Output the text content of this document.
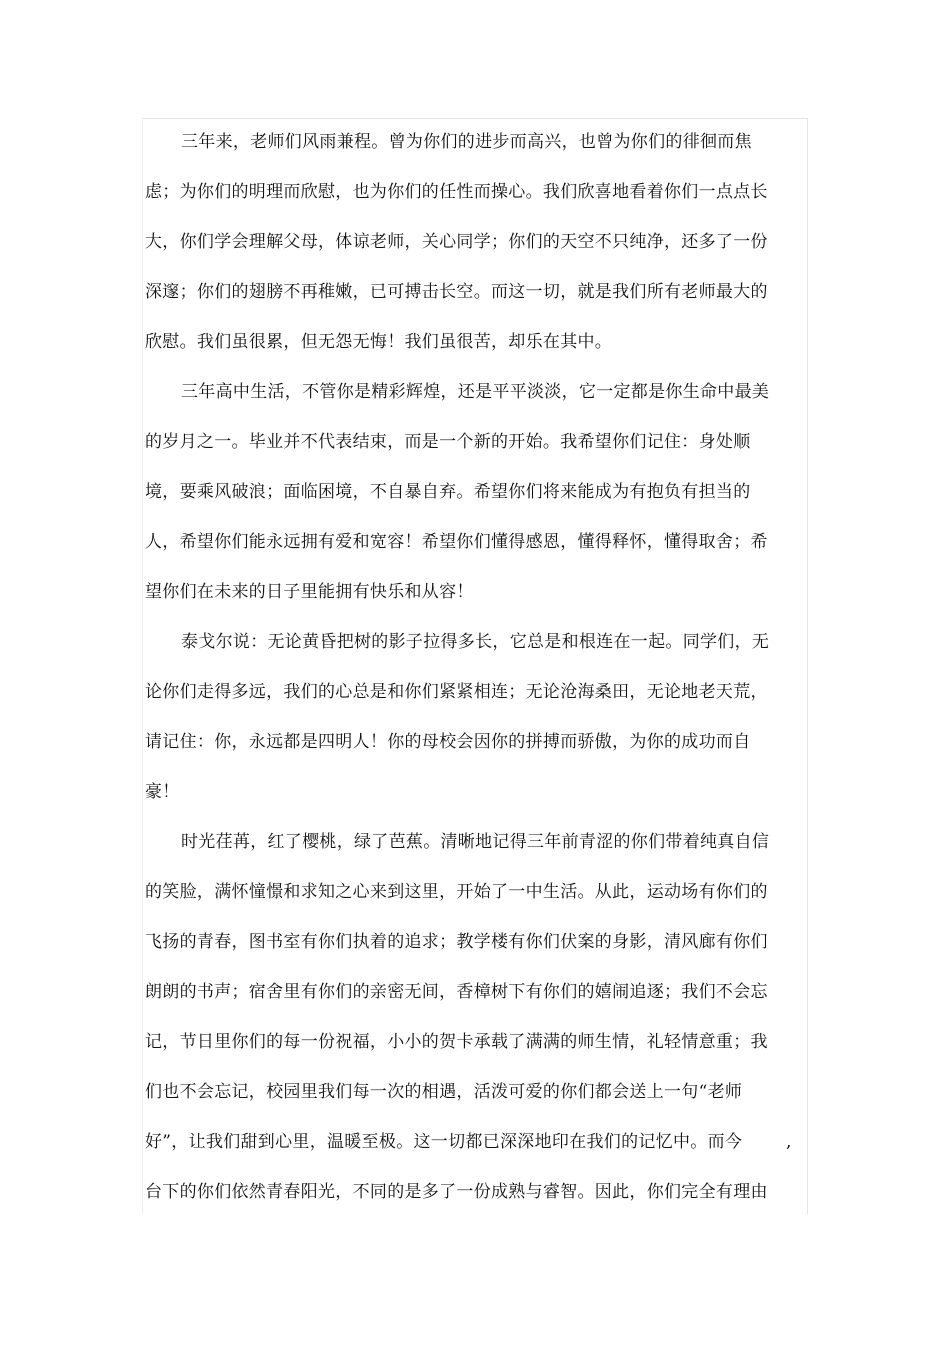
三年来，老师们风雨兼程。曾为你们的进步而高兴，也曾为你们的徘徊而焦
虑；为你们的明理而欣慰，也为你们的任性而操心。我们欣喜地看着你们一点点长
大，你们学会理解父母，体谅老师，关心同学；你们的天空不只纯净，还多了一份
深邃；你们的翅膀不再稚嫩，已可搏击长空。而这一切，就是我们所有老师最大的
欣慰。我们虽很累，但无怨无悔！我们虽很苦，却乐在其中。
三年高中生活，不管你是精彩辉煌，还是平平淡淡，它一定都是你生命中最美
的岁月之一。毕业并不代表结束，而是一个新的开始。我希望你们记住：身处顺
境，要乘风破浪；面临困境，不自暴自弃。希望你们将来能成为有抱负有担当的
人，希望你们能永远拥有爱和宽容！希望你们懂得感恩，懂得释怀，懂得取舍；希
望你们在未来的日子里能拥有快乐和从容！
泰戈尔说：无论黄昏把树的影子拉得多长，它总是和根连在一起。同学们，无
论你们走得多远，我们的心总是和你们紧紧相连；无论沧海桑田，无论地老天荒，
请记住：你，永远都是四明人！你的母校会因你的拼搏而骄傲，为你的成功而自
豪！
时光荏苒，红了樱桃，绿了芭蕉。清晰地记得三年前青涩的你们带着纯真自信
的笑脸，满怀憧憬和求知之心来到这里，开始了一中生活。从此，运动场有你们的
飞扬的青春，图书室有你们执着的追求；教学楼有你们伏案的身影，清风廊有你们
朗朗的书声；宿舍里有你们的亲密无间，香樟树下有你们的嬉闹追逐；我们不会忘
记，节日里你们的每一份祝福，小小的贺卡承载了满满的师生情，礼轻情意重；我
们也不会忘记，校园里我们每一次的相遇，活泼可爱的你们都会送上一句“老师
好”，让我们甜到心里，温暖至极。这一切都已深深地印在我们的记忆中。而今
台下的你们依然青春阳光，不同的是多了一份成熟与睿智。因此，你们完全有理由
,
